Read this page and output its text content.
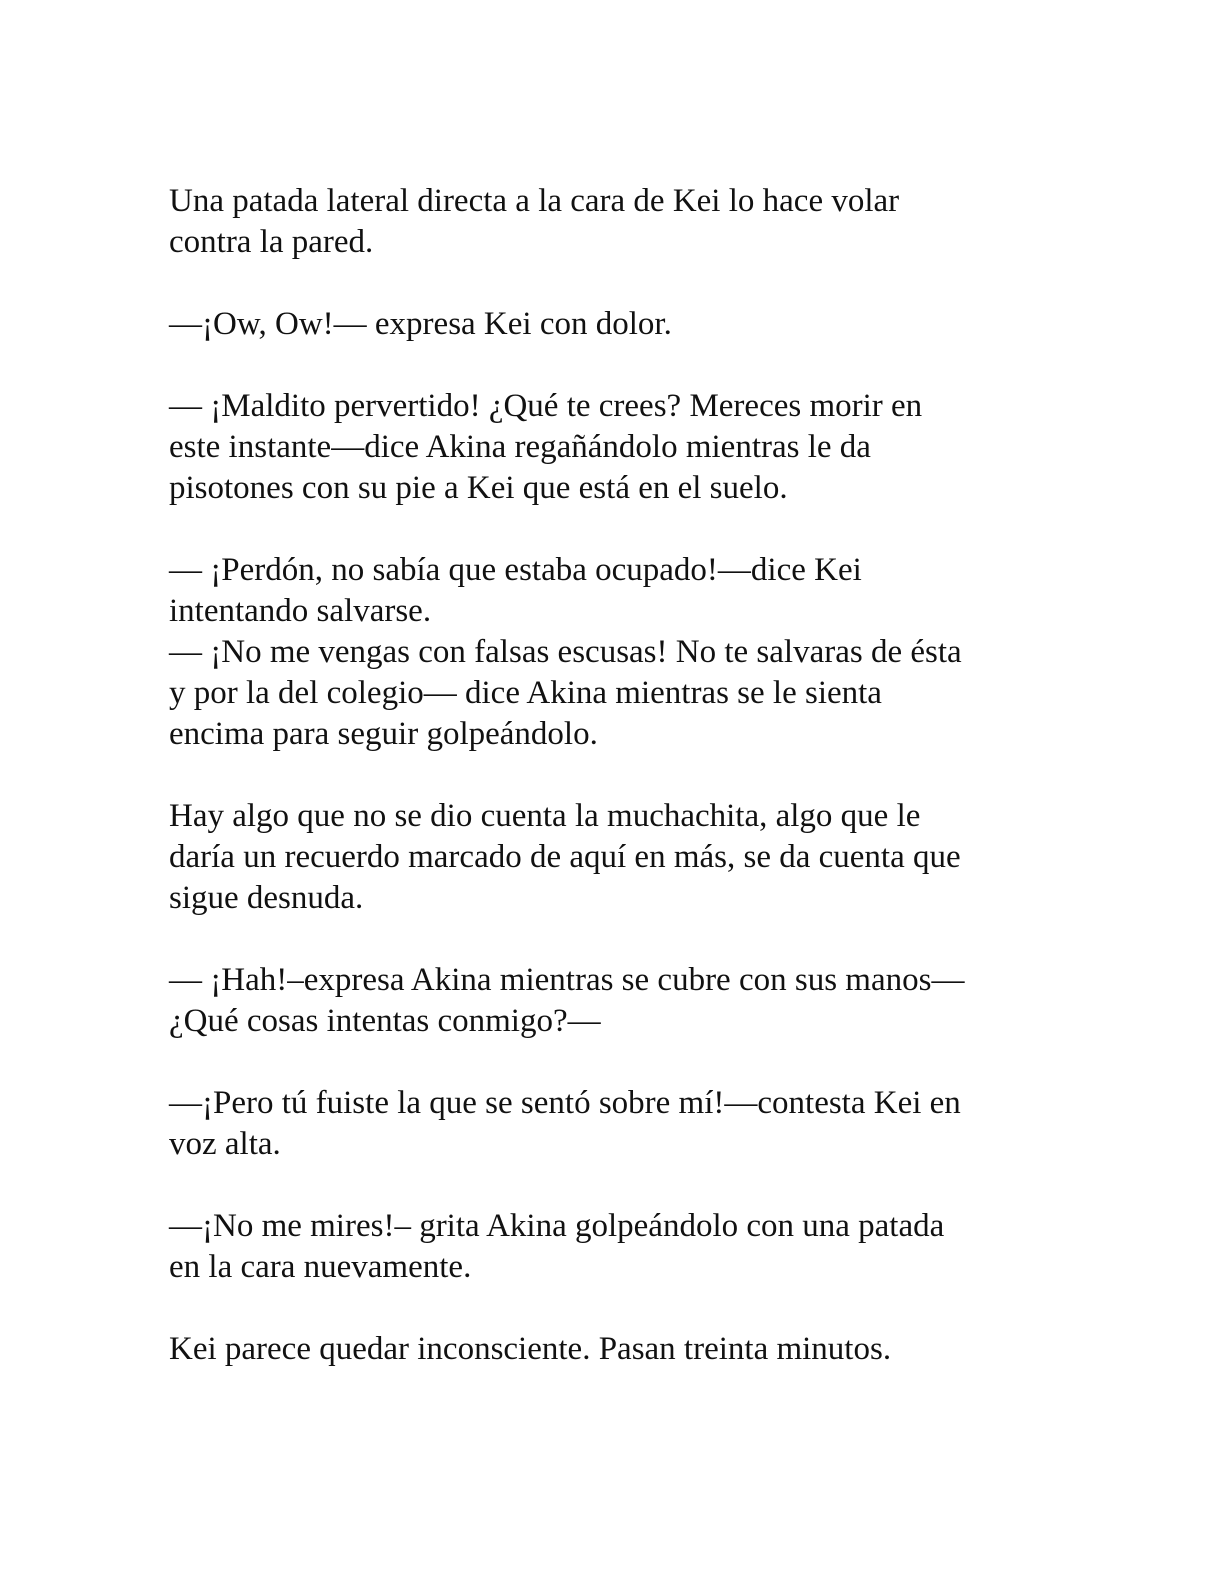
Una patada lateral directa a la cara de Kei lo hace volar
contra la pared.

—¡Ow, Ow!— expresa Kei con dolor.

— ¡Maldito pervertido! ¿Qué te crees? Mereces morir en
este instante—dice Akina regañándolo mientras le da
pisotones con su pie a Kei que está en el suelo.

— ¡Perdón, no sabía que estaba ocupado!—dice Kei
intentando salvarse.

— ¡No me vengas con falsas escusas! No te salvaras de ésta
y por la del colegio— dice Akina mientras se le sienta
encima para seguir golpeándolo.

Hay algo que no se dio cuenta la muchachita, algo que le
daría un recuerdo marcado de aquí en más, se da cuenta que
sigue desnuda.

— ¡Hah!–expresa Akina mientras se cubre con sus manos—
¿Qué cosas intentas conmigo?—

—¡Pero tú fuiste la que se sentó sobre mí!—contesta Kei en
voz alta.

—¡No me mires!– grita Akina golpeándolo con una patada
en la cara nuevamente.

Kei parece quedar inconsciente. Pasan treinta minutos.
